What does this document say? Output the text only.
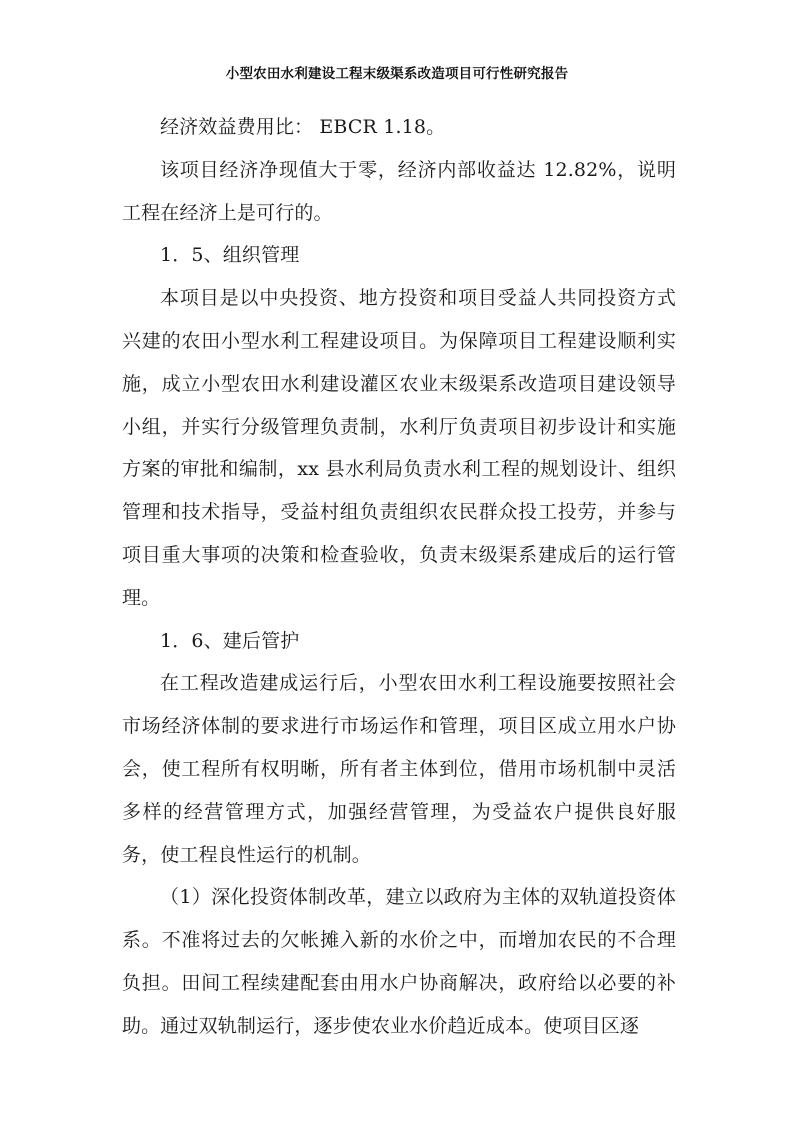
小型农田水利建设工程末级渠系改造项目可行性研究报告

经济效益费用比： EBCR 1.18。

该项目经济净现值大于零，经济内部收益达 12.82%，说明工程在经济上是可行的。

1．5、组织管理

本项目是以中央投资、地方投资和项目受益人共同投资方式兴建的农田小型水利工程建设项目。为保障项目工程建设顺利实施，成立小型农田水利建设灌区农业末级渠系改造项目建设领导小组，并实行分级管理负责制，水利厅负责项目初步设计和实施方案的审批和编制，xx 县水利局负责水利工程的规划设计、组织管理和技术指导，受益村组负责组织农民群众投工投劳，并参与项目重大事项的决策和检查验收，负责末级渠系建成后的运行管理。

1．6、建后管护

在工程改造建成运行后，小型农田水利工程设施要按照社会市场经济体制的要求进行市场运作和管理，项目区成立用水户协会，使工程所有权明晰，所有者主体到位，借用市场机制中灵活多样的经营管理方式，加强经营管理，为受益农户提供良好服务，使工程良性运行的机制。

（1）深化投资体制改革，建立以政府为主体的双轨道投资体系。不准将过去的欠帐摊入新的水价之中，而增加农民的不合理负担。田间工程续建配套由用水户协商解决，政府给以必要的补助。通过双轨制运行，逐步使农业水价趋近成本。使项目区逐
